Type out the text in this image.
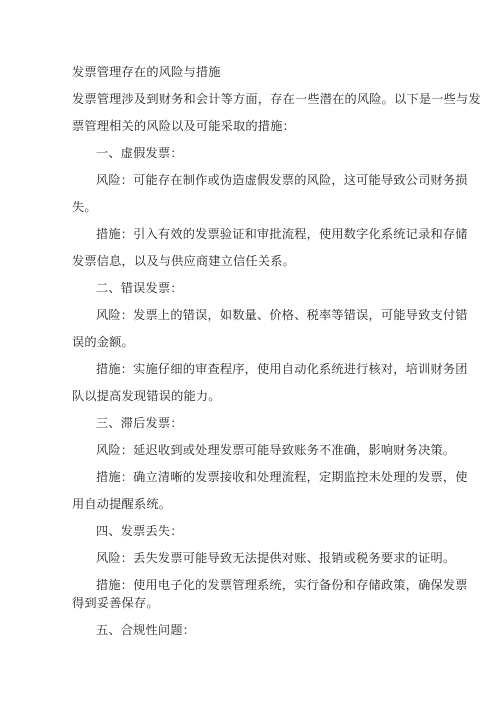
发票管理存在的风险与措施
发票管理涉及到财务和会计等方面，存在一些潜在的风险。以下是一些与发
票管理相关的风险以及可能采取的措施：
一、虚假发票：
风险：可能存在制作或伪造虚假发票的风险，这可能导致公司财务损
失。
措施：引入有效的发票验证和审批流程，使用数字化系统记录和存储
发票信息，以及与供应商建立信任关系。
二、错误发票：
风险：发票上的错误，如数量、价格、税率等错误，可能导致支付错
误的金额。
措施：实施仔细的审查程序，使用自动化系统进行核对，培训财务团
队以提高发现错误的能力。
三、滞后发票：
风险：延迟收到或处理发票可能导致账务不准确，影响财务决策。
措施：确立清晰的发票接收和处理流程，定期监控未处理的发票，使
用自动提醒系统。
四、发票丢失：
风险：丢失发票可能导致无法提供对账、报销或税务要求的证明。
措施：使用电子化的发票管理系统，实行备份和存储政策，确保发票
得到妥善保存。
五、合规性问题：
